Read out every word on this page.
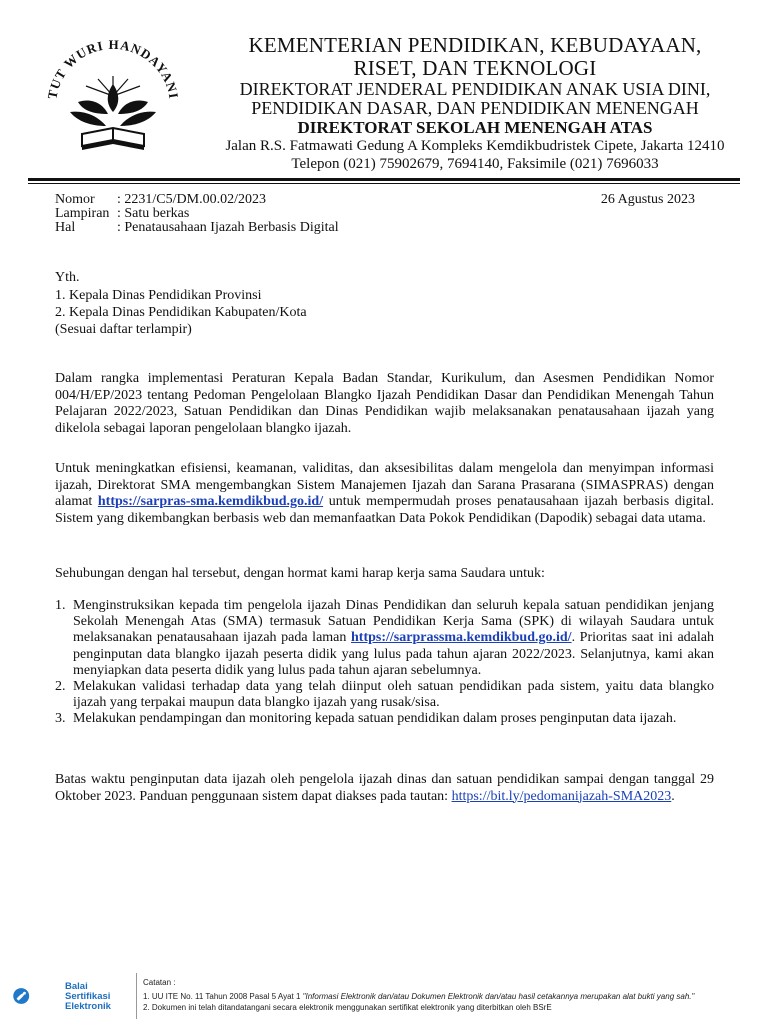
TUT WURI HANDAYANI
KEMENTERIAN PENDIDIKAN, KEBUDAYAAN,
RISET, DAN TEKNOLOGI
DIREKTORAT JENDERAL PENDIDIKAN ANAK USIA DINI,
PENDIDIKAN DASAR, DAN PENDIDIKAN MENENGAH
DIREKTORAT SEKOLAH MENENGAH ATAS
Jalan R.S. Fatmawati Gedung A Kompleks Kemdikbudristek Cipete, Jakarta 12410
Telepon (021) 75902679, 7694140, Faksimile (021) 7696033
Nomor : 2231/C5/DM.00.02/2023
Lampiran : Satu berkas
Hal	: Penatausahaan Ijazah Berbasis Digital
26 Agustus 2023
Yth.
1. Kepala Dinas Pendidikan Provinsi
2. Kepala Dinas Pendidikan Kabupaten/Kota
(Sesuai daftar terlampir)
Dalam rangka implementasi Peraturan Kepala Badan Standar, Kurikulum, dan Asesmen Pendidikan Nomor 004/H/EP/2023 tentang Pedoman Pengelolaan Blangko Ijazah Pendidikan Dasar dan Pendidikan Menengah Tahun Pelajaran 2022/2023, Satuan Pendidikan dan Dinas Pendidikan wajib melaksanakan penatausahaan ijazah yang dikelola sebagai laporan pengelolaan blangko ijazah.
Untuk meningkatkan efisiensi, keamanan, validitas, dan aksesibilitas dalam mengelola dan menyimpan informasi ijazah, Direktorat SMA mengembangkan Sistem Manajemen Ijazah dan Sarana Prasarana (SIMASPRAS) dengan alamat https://sarpras-sma.kemdikbud.go.id/ untuk mempermudah proses penatausahaan ijazah berbasis digital. Sistem yang dikembangkan berbasis web dan memanfaatkan Data Pokok Pendidikan (Dapodik) sebagai data utama.
Sehubungan dengan hal tersebut, dengan hormat kami harap kerja sama Saudara untuk:
1. Menginstruksikan kepada tim pengelola ijazah Dinas Pendidikan dan seluruh kepala satuan pendidikan jenjang Sekolah Menengah Atas (SMA) termasuk Satuan Pendidikan Kerja Sama (SPK) di wilayah Saudara untuk melaksanakan penatausahaan ijazah pada laman https://sarprassma.kemdikbud.go.id/. Prioritas saat ini adalah penginputan data blangko ijazah peserta didik yang lulus pada tahun ajaran 2022/2023. Selanjutnya, kami akan menyiapkan data peserta didik yang lulus pada tahun ajaran sebelumnya.
2. Melakukan validasi terhadap data yang telah diinput oleh satuan pendidikan pada sistem, yaitu data blangko ijazah yang terpakai maupun data blangko ijazah yang rusak/sisa.
3. Melakukan pendampingan dan monitoring kepada satuan pendidikan dalam proses penginputan data ijazah.
Batas waktu penginputan data ijazah oleh pengelola ijazah dinas dan satuan pendidikan sampai dengan tanggal 29 Oktober 2023. Panduan penggunaan sistem dapat diakses pada tautan: https://bit.ly/pedomanijazah-SMA2023.
Balai
Sertifikasi
Elektronik
Catatan :
1. UU ITE No. 11 Tahun 2008 Pasal 5 Ayat 1 "Informasi Elektronik dan/atau Dokumen Elektronik dan/atau hasil cetakannya merupakan alat bukti yang sah."
2. Dokumen ini telah ditandatangani secara elektronik menggunakan sertifikat elektronik yang diterbitkan oleh BSrE
